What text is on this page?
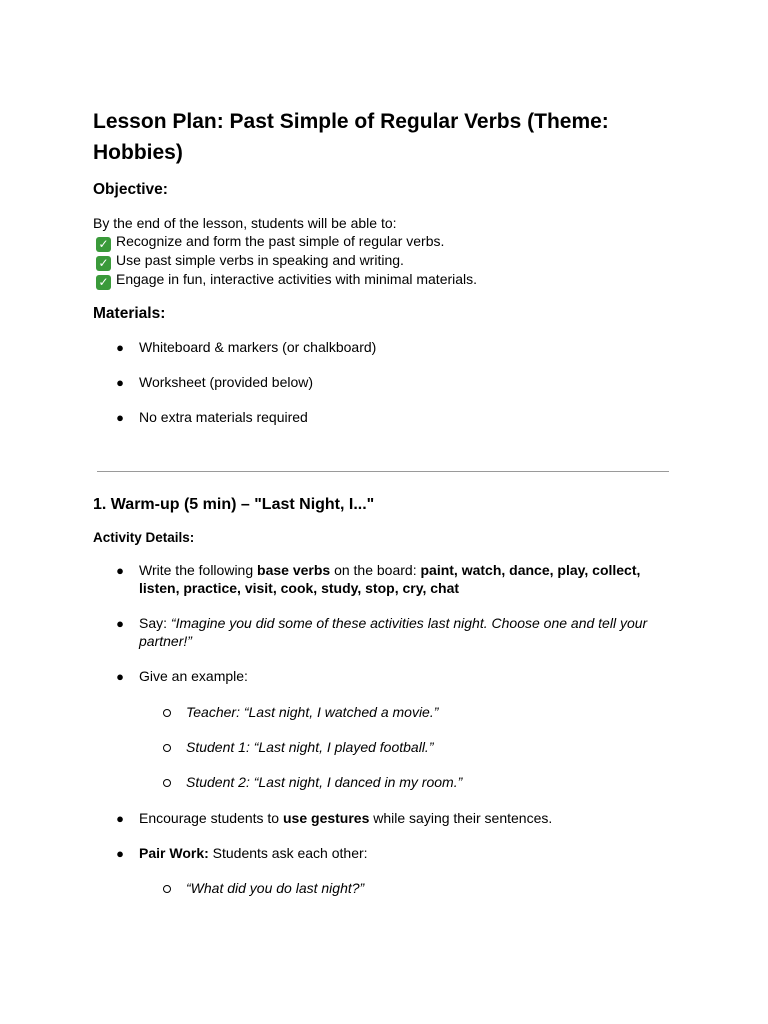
Lesson Plan: Past Simple of Regular Verbs (Theme: Hobbies)
Objective:
By the end of the lesson, students will be able to:
✓ Recognize and form the past simple of regular verbs.
✓ Use past simple verbs in speaking and writing.
✓ Engage in fun, interactive activities with minimal materials.
Materials:
● Whiteboard & markers (or chalkboard)
● Worksheet (provided below)
● No extra materials required
1. Warm-up (5 min) – "Last Night, I..."
Activity Details:
● Write the following base verbs on the board: paint, watch, dance, play, collect, listen, practice, visit, cook, study, stop, cry, chat
● Say: “Imagine you did some of these activities last night. Choose one and tell your partner!”
● Give an example:
Teacher: “Last night, I watched a movie.”
Student 1: “Last night, I played football.”
Student 2: “Last night, I danced in my room.”
● Encourage students to use gestures while saying their sentences.
● Pair Work: Students ask each other:
“What did you do last night?”
